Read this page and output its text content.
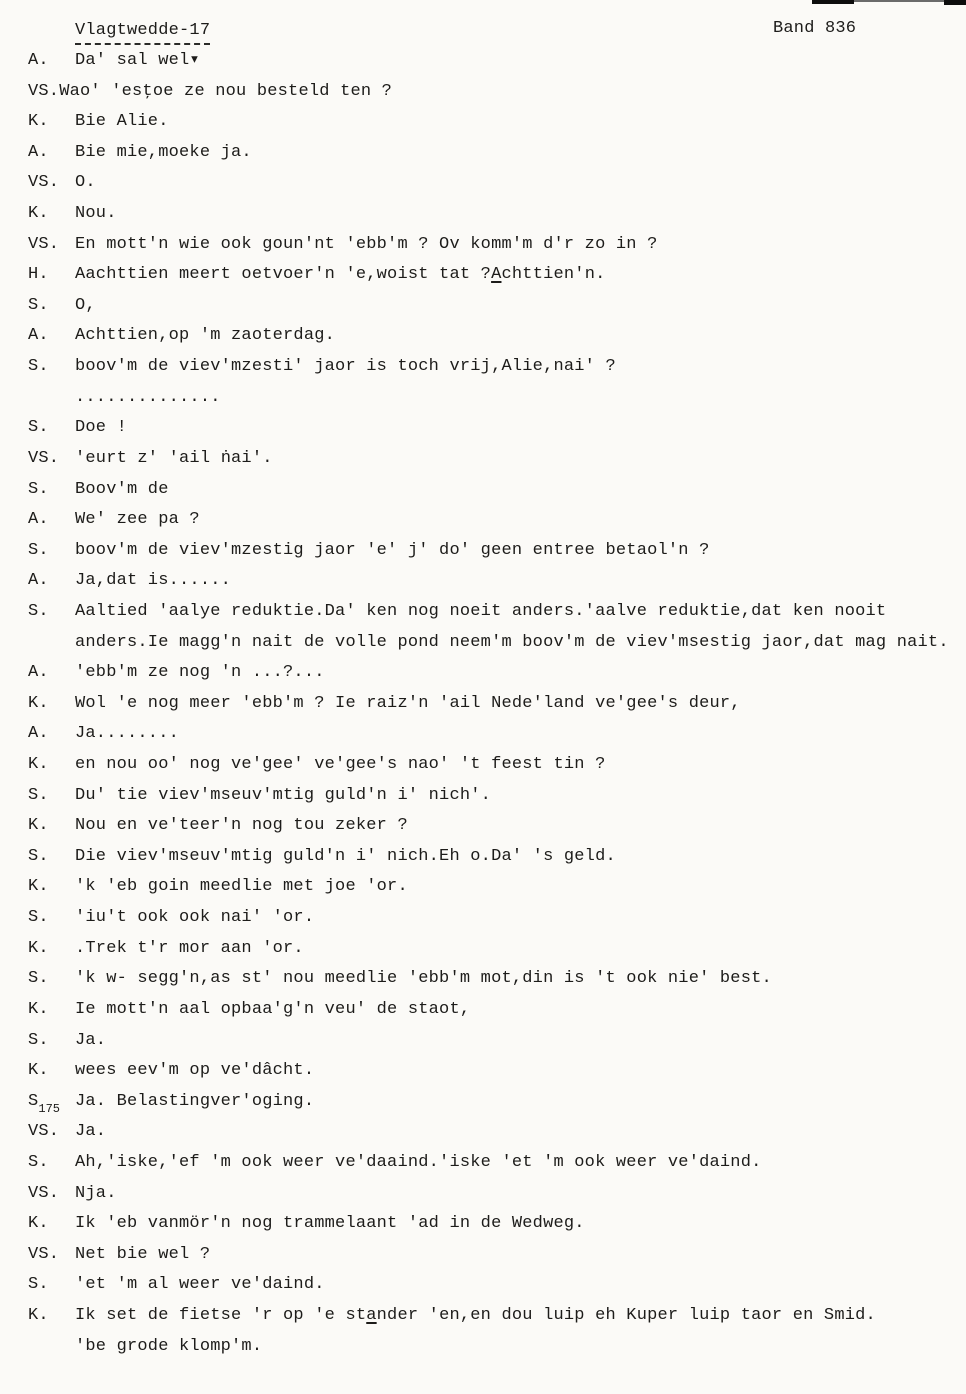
Vlagtwedde-17	Band 836
A. Da' sal wel▾
VS.Wao' 'esţoe ze nou besteld ten ?
K. Bie Alie.
A. Bie mie,moeke ja.
VS. O.
K. Nou.
VS. En mott'n wie ook goun'nt 'ebb'm ? Ov komm'm d'r zo in ?
H. Aachttien meert oetvoer'n 'e,woist tat ?Achttien'n.
S. O,
A. Achttien,op 'm zaoterdag.
S. boov'm de viev'mzesti' jaor is toch vrij,Alie,nai' ?
..............
S. Doe !
VS. 'eurt z' 'ail ṅai'.
S. Boov'm de
A. We' zee pa ?
S. boov'm de viev'mzestig jaor 'e' j' do' geen entree betaol'n ?
A. Ja,dat is......
S. Aaltied 'aalye reduktie.Da' ken nog noeit anders.'aalve reduktie,dat ken nooit
anders.Ie magg'n nait de volle pond neem'm boov'm de viev'msestig jaor,dat mag nait.
A. 'ebb'm ze nog 'n ...?...
K. Wol 'e nog meer 'ebb'm ? Ie raiz'n 'ail Nede'land ve'gee's deur,
A. Ja........
K. en nou oo' nog ve'gee' ve'gee's nao' 't feest tin ?
S. Du' tie viev'mseuv'mtig guld'n i' nich'.
K. Nou en ve'teer'n nog tou zeker ?
S. Die viev'mseuv'mtig guld'n i' nich.Eh o.Da' 's geld.
K. 'k 'eb goin meedlie met joe 'or.
S. 'iu't ook ook nai' 'or.
K. .Trek t'r mor aan 'or.
S. 'k w- segg'n,as st' nou meedlie 'ebb'm mot,din is 't ook nie' best.
K. Ie mott'n aal opbaa'g'n veu' de staot,
S. Ja.
K. wees eev'm op ve'dâcht.
$S_{175}$ Ja. Belastingver'oging.
VS. Ja.
S. Ah,'iske,'ef 'm ook weer ve'daaind.'iske 'et 'm ook weer ve'daind.
VS. Nja.
K. Ik 'eb vanmör'n nog trammelaant 'ad in de Wedweg.
VS. Net bie wel ?
S. 'et 'm al weer ve'daind.
K. Ik set de fietse 'r op 'e stander 'en,en dou luip eh Kuper luip taor en Smid.
'be grode klomp'm.
